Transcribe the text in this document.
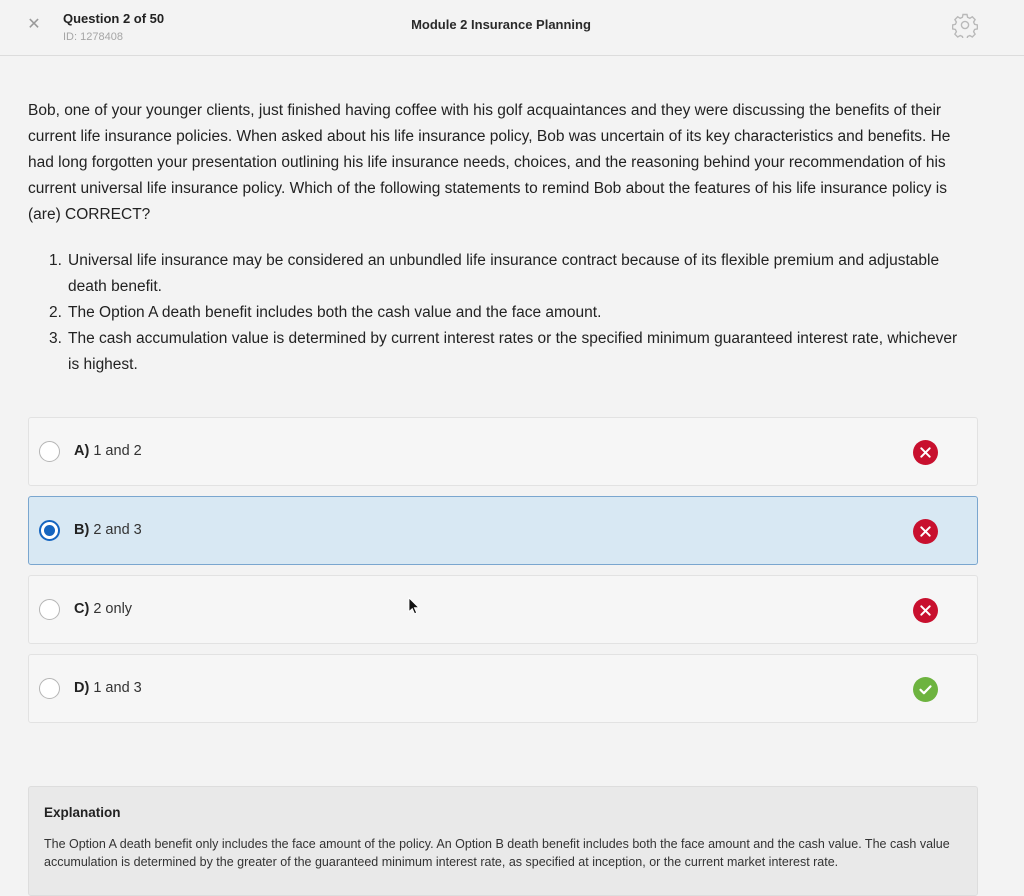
✕ Question 2 of 50
ID: 1278408
Module 2 Insurance Planning

Bob, one of your younger clients, just finished having coffee with his golf acquaintances and they were discussing the benefits of their current life insurance policies. When asked about his life insurance policy, Bob was uncertain of its key characteristics and benefits. He had long forgotten your presentation outlining his life insurance needs, choices, and the reasoning behind your recommendation of his current universal life insurance policy. Which of the following statements to remind Bob about the features of his life insurance policy is (are) CORRECT?

1. Universal life insurance may be considered an unbundled life insurance contract because of its flexible premium and adjustable death benefit.
2. The Option A death benefit includes both the cash value and the face amount.
3. The cash accumulation value is determined by current interest rates or the specified minimum guaranteed interest rate, whichever is highest.
A) 1 and 2
B) 2 and 3
C) 2 only
D) 1 and 3
Explanation

The Option A death benefit only includes the face amount of the policy. An Option B death benefit includes both the face amount and the cash value. The cash value accumulation is determined by the greater of the guaranteed minimum interest rate, as specified at inception, or the current market interest rate.
